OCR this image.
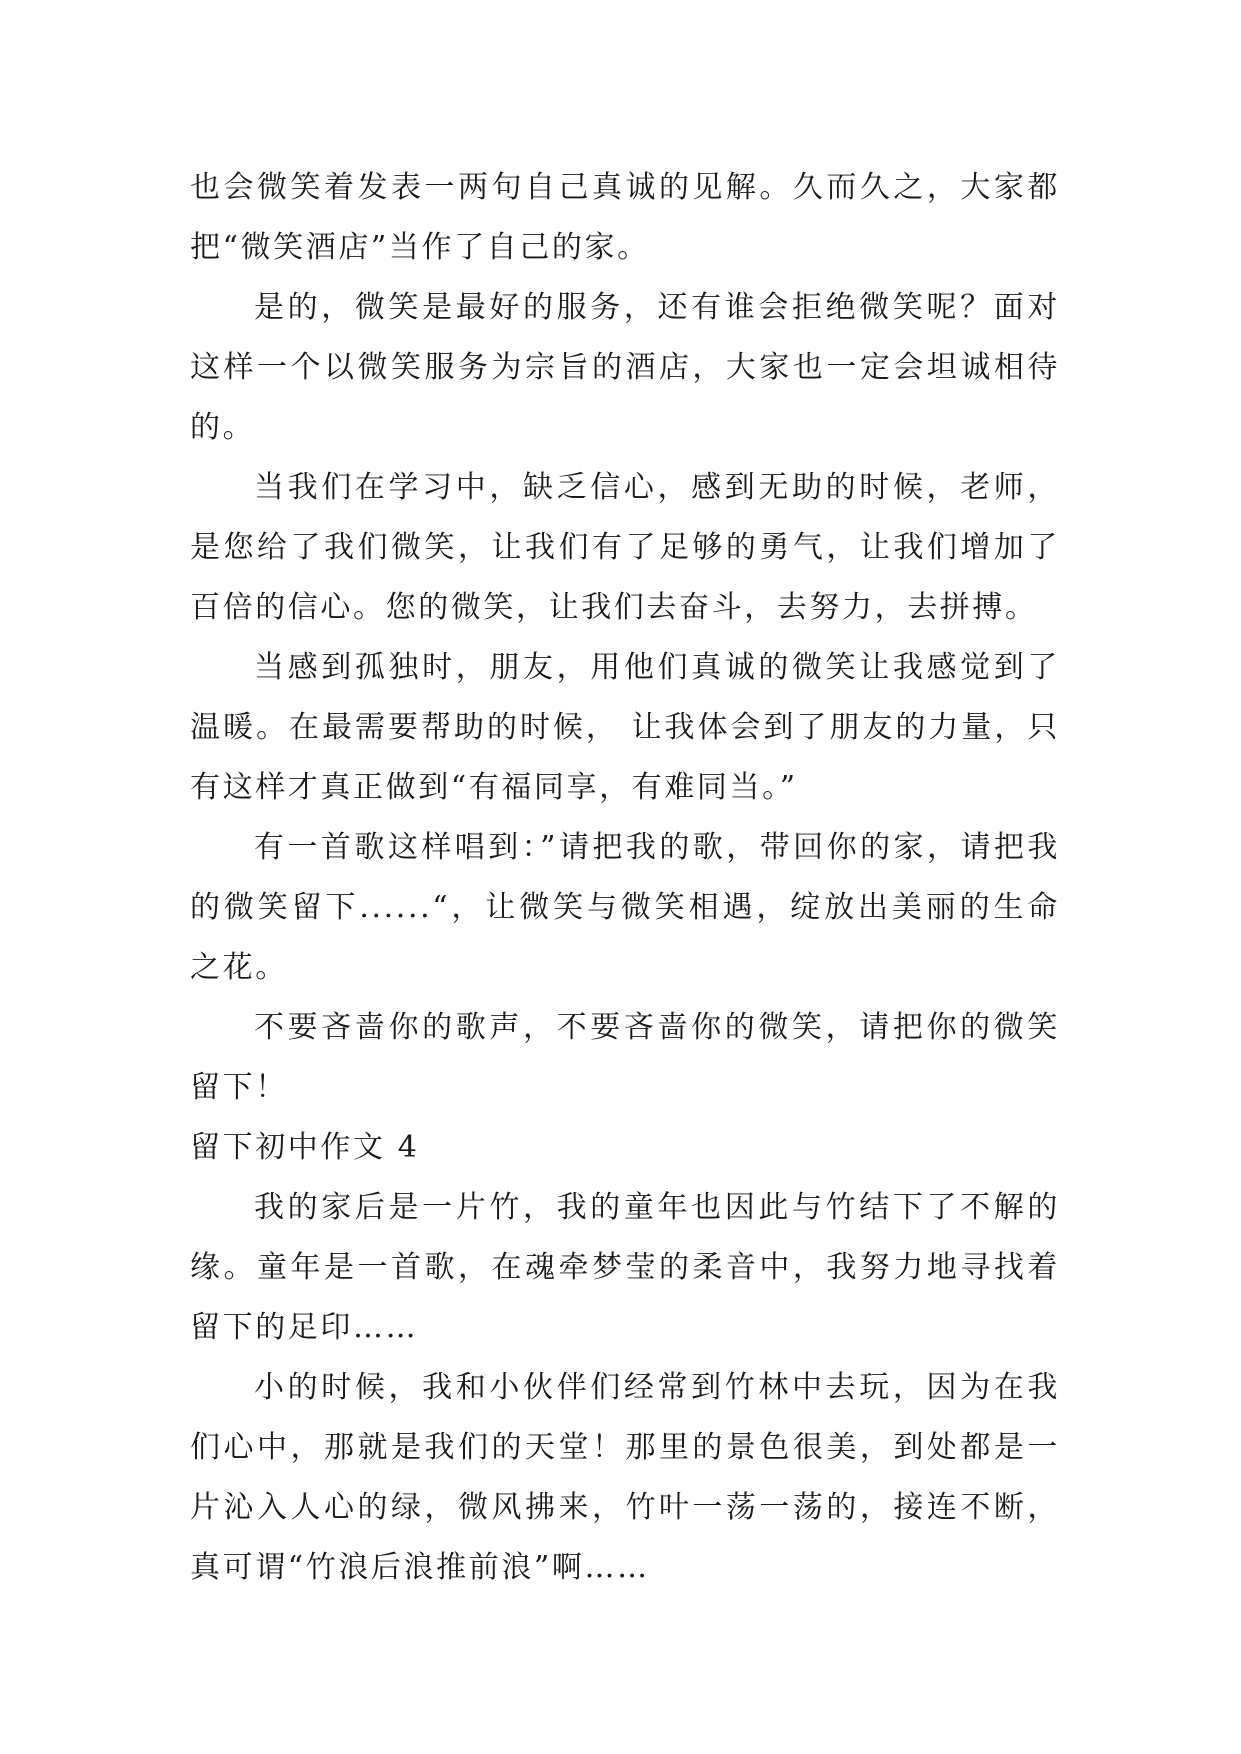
也会微笑着发表一两句自己真诚的见解。久而久之，大家都把“微笑酒店”当作了自己的家。

是的，微笑是最好的服务，还有谁会拒绝微笑呢？面对这样一个以微笑服务为宗旨的酒店，大家也一定会坦诚相待的。

当我们在学习中，缺乏信心，感到无助的时候，老师，是您给了我们微笑，让我们有了足够的勇气，让我们增加了百倍的信心。您的微笑，让我们去奋斗，去努力，去拼搏。

当感到孤独时，朋友，用他们真诚的微笑让我感觉到了温暖。在最需要帮助的时候， 让我体会到了朋友的力量，只有这样才真正做到“有福同享，有难同当。”

有一首歌这样唱到：”请把我的歌，带回你的家，请把我的微笑留下......“，让微笑与微笑相遇，绽放出美丽的生命之花。

不要吝啬你的歌声，不要吝啬你的微笑，请把你的微笑留下！

留下初中作文 4

我的家后是一片竹，我的童年也因此与竹结下了不解的缘。童年是一首歌，在魂牵梦莹的柔音中，我努力地寻找着留下的足印……

小的时候，我和小伙伴们经常到竹林中去玩，因为在我们心中，那就是我们的天堂！那里的景色很美，到处都是一片沁入人心的绿，微风拂来，竹叶一荡一荡的，接连不断，真可谓“竹浪后浪推前浪”啊……
